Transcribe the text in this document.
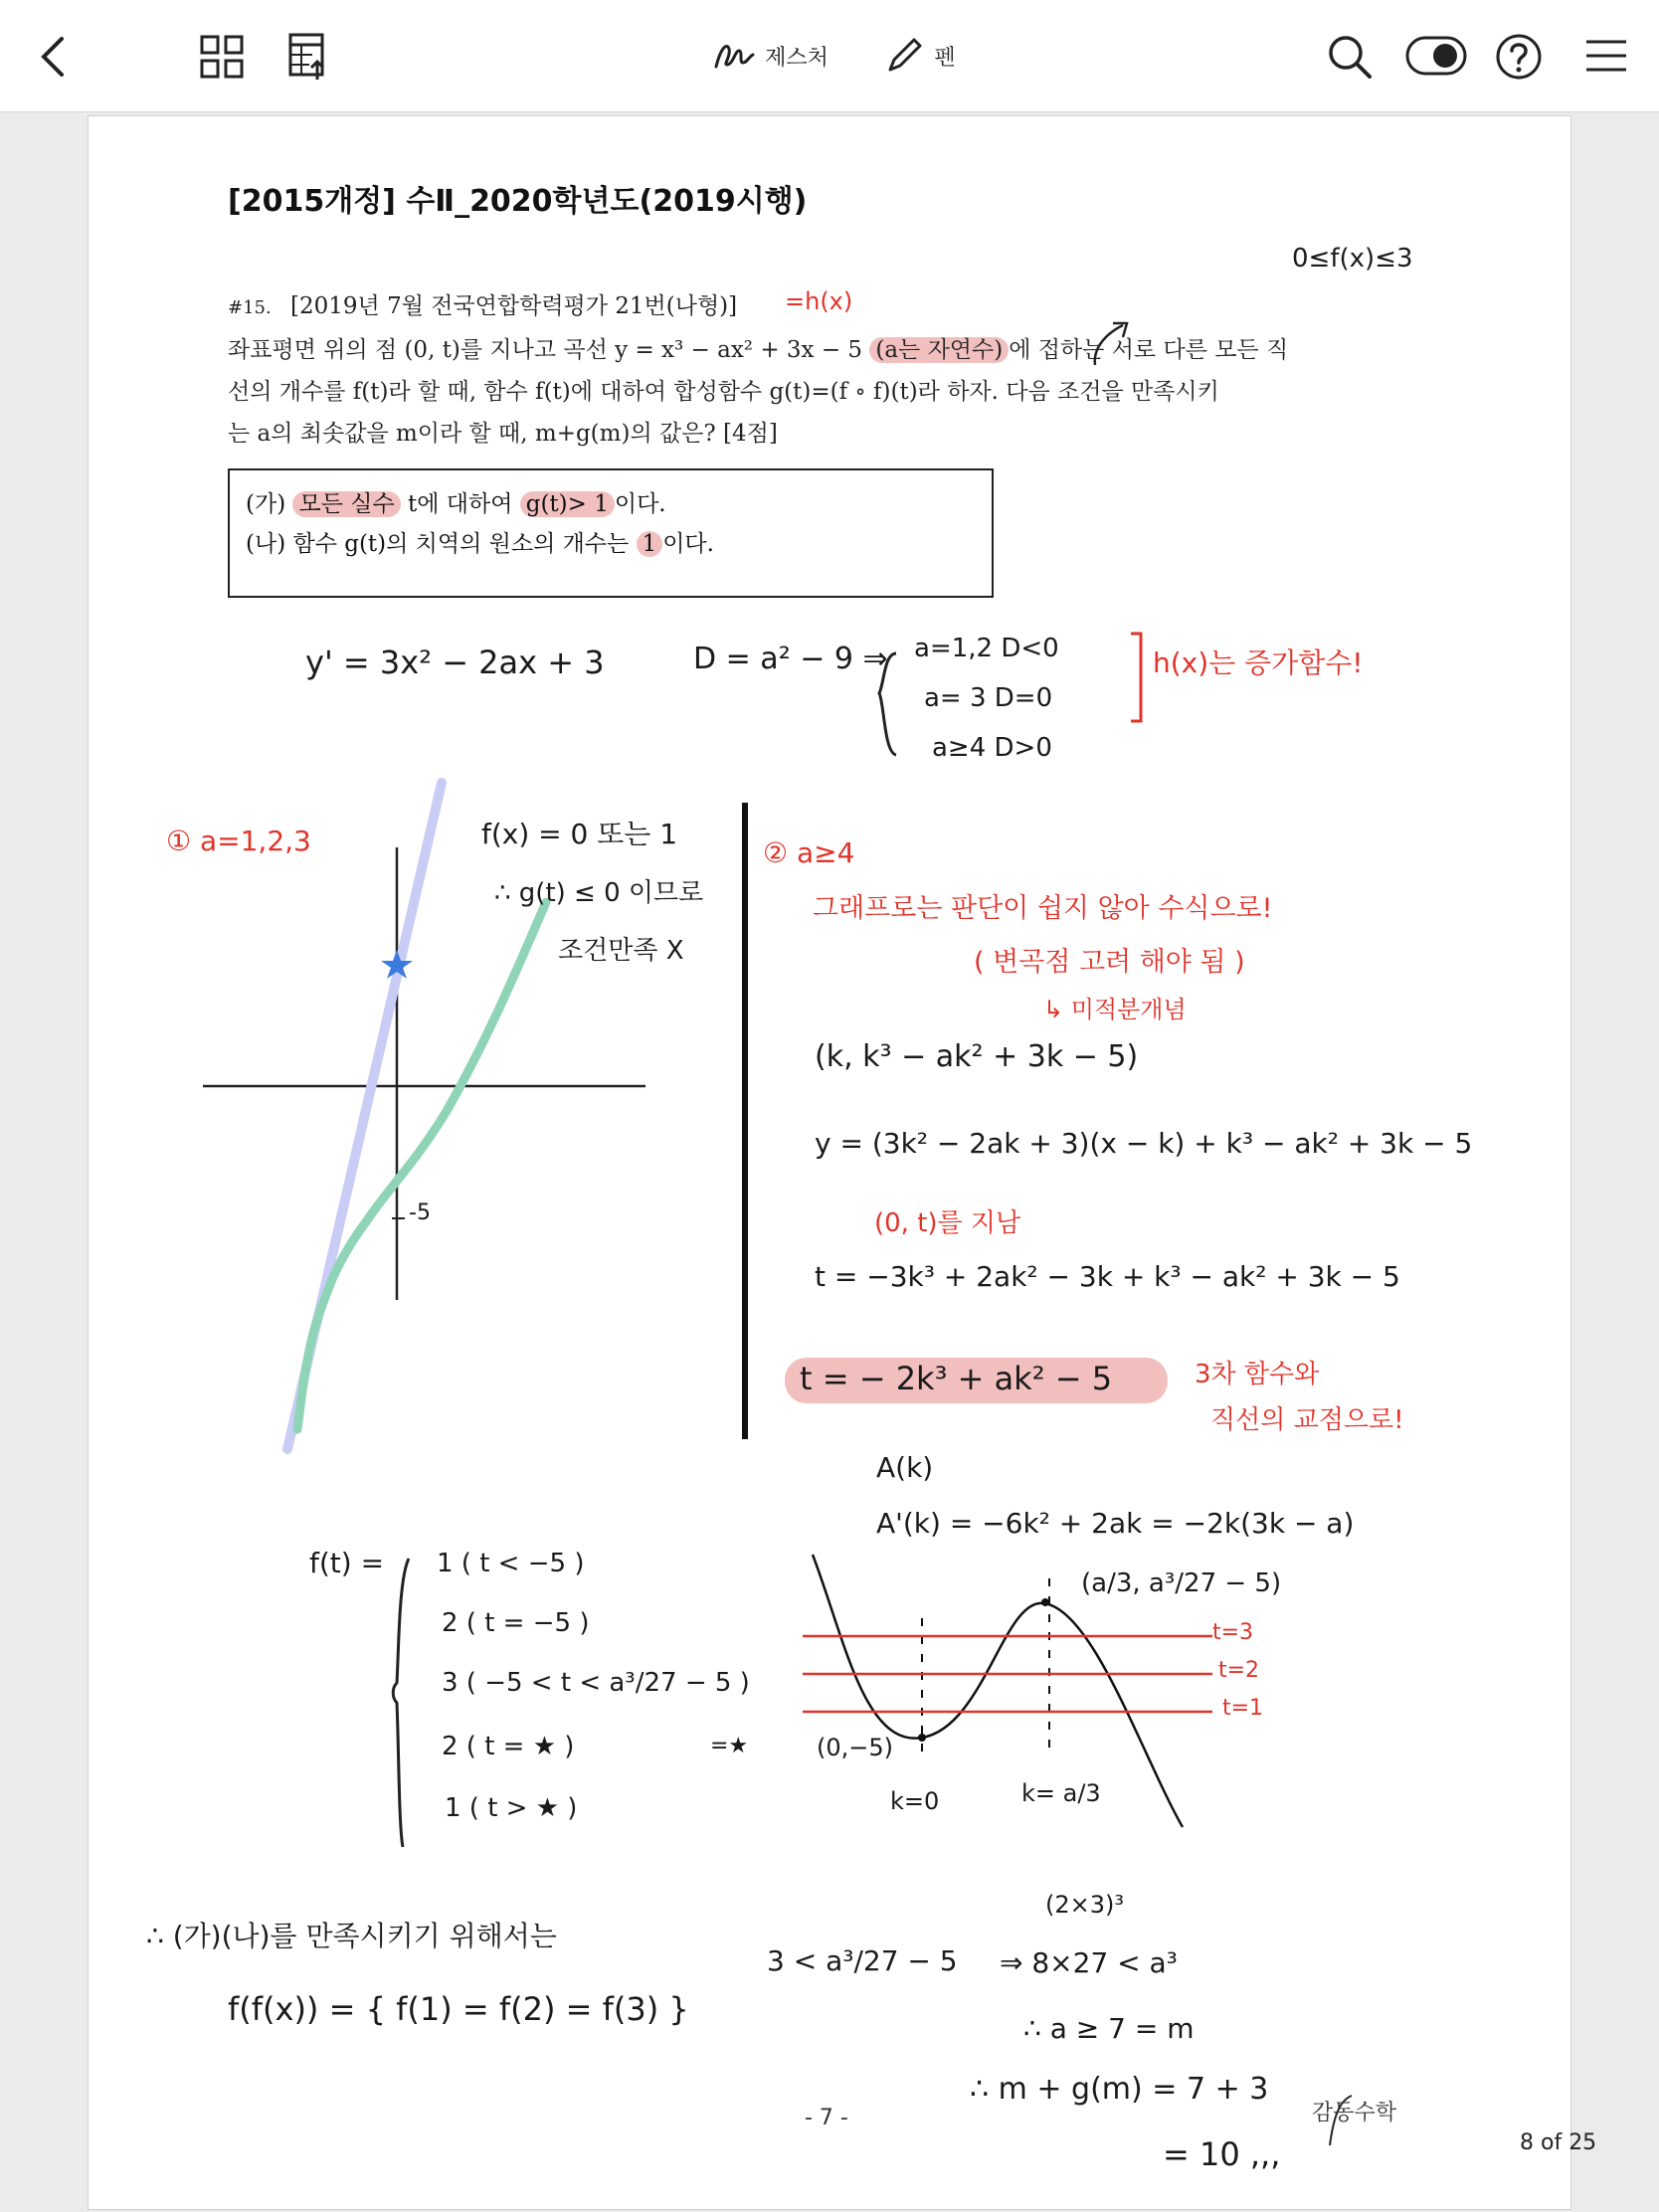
제스처	펜
[2015개정] 수Ⅱ_2020학년도(2019시행)
#15. [2019년 7월 전국연합학력평가 21번(나형)]
좌표평면 위의 점 (0, t)를 지나고 곡선 y = x³ − ax² + 3x − 5 (a는 자연수) 에 접하는 서로 다른 모든 직
선의 개수를 f(t)라 할 때, 함수 f(t)에 대하여 합성함수 g(t)=(f ∘ f)(t)라 하자. 다음 조건을 만족시키
는 a의 최솟값을 m이라 할 때, m+g(m)의 값은? [4점]
(가) 모든 실수 t에 대하여 g(t)> 1 이다.
(나) 함수 g(t)의 치역의 원소의 개수는 1 이다.
0≤f(x)≤3
=h(x)
y' = 3x² − 2ax + 3	D = a² − 9 ⇒ a=1,2 D<0
a= 3 D=0
a≥4 D>0
h(x)는 증가함수!
① a=1,2,3	f(x) = 0 또는 1
∴ g(t) ≤ 0 이므로
조건만족 X
-5
② a≥4
그래프로는 판단이 쉽지 않아 수식으로!
( 변곡점 고려 해야 됨 )
↳ 미적분개념
(k, k³ − ak² + 3k − 5)
y = (3k² − 2ak + 3)(x − k) + k³ − ak² + 3k − 5
(0, t)를 지남
t = −3k³ + 2ak² − 3k + k³ − ak² + 3k − 5
t = − 2k³ + ak² − 5	3차 함수와
직선의 교점으로!
A(k)
A'(k) = −6k² + 2ak = −2k(3k − a)
(a/3, a³/27 − 5)
t=3
t=2
t=1
(0,−5)
k=0	k= a/3
f(t) = 1 ( t < −5 )
2 ( t = −5 )
3 ( −5 < t < a³/27 − 5 )
2 ( t = ★ )
1 ( t > ★ )
=★
∴ (가)(나)를 만족시키기 위해서는
f(f(x)) = { f(1) = f(2) = f(3) }
3 < a³/27 − 5 ⇒ 8×27 < a³
(2×3)³
∴ a ≥ 7 = m
∴ m + g(m) = 7 + 3
= 10 ,,,
- 7 -	감동수학
8 of 25
